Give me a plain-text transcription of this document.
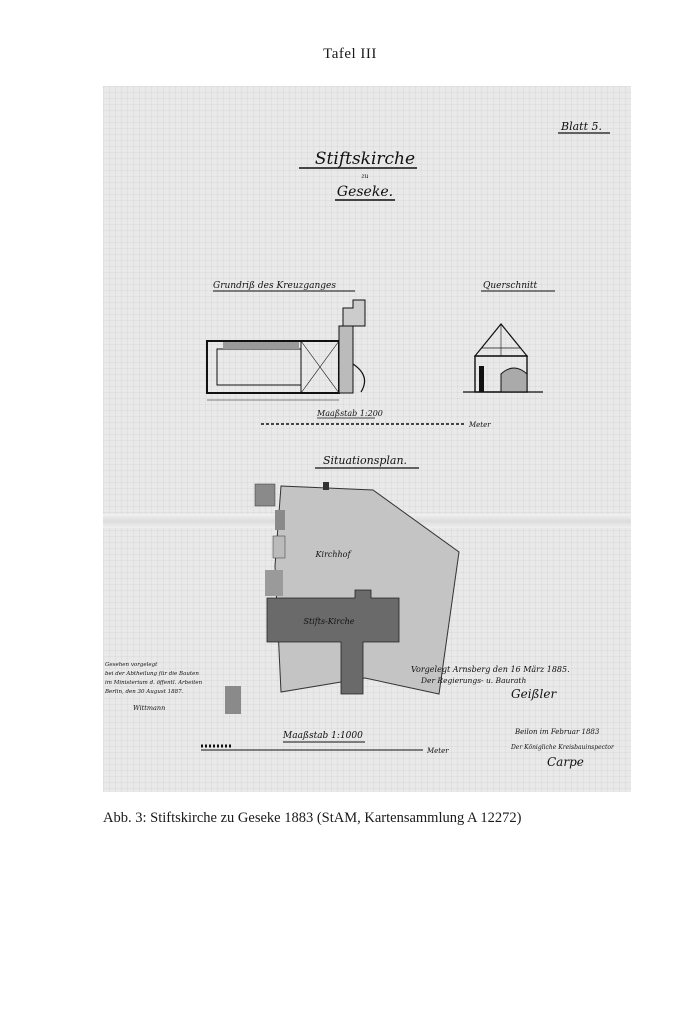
Tafel III
Blatt 5.
Stiftskirche
zu
Geseke.
Grundriß des Kreuzganges	Querschnitt
Maaßstab 1:200
Meter
Situationsplan.
Kirchhof
Stifts-Kirche
Vorgelegt Arnsberg den 16 März 1885.
Der Regierungs- u. Baurath
Geißler
Gesehen vorgelegt
bei der Abtheilung für die Bauten
im Ministerium d. öffentl. Arbeiten
Berlin, den 30 August 1887.
Wittmann
Maaßstab 1:1000
Meter
Beilon im Februar 1883
Der Königliche Kreisbauinspector
Carpe
Abb. 3: Stiftskirche zu Geseke 1883 (StAM, Kartensammlung A 12272)
